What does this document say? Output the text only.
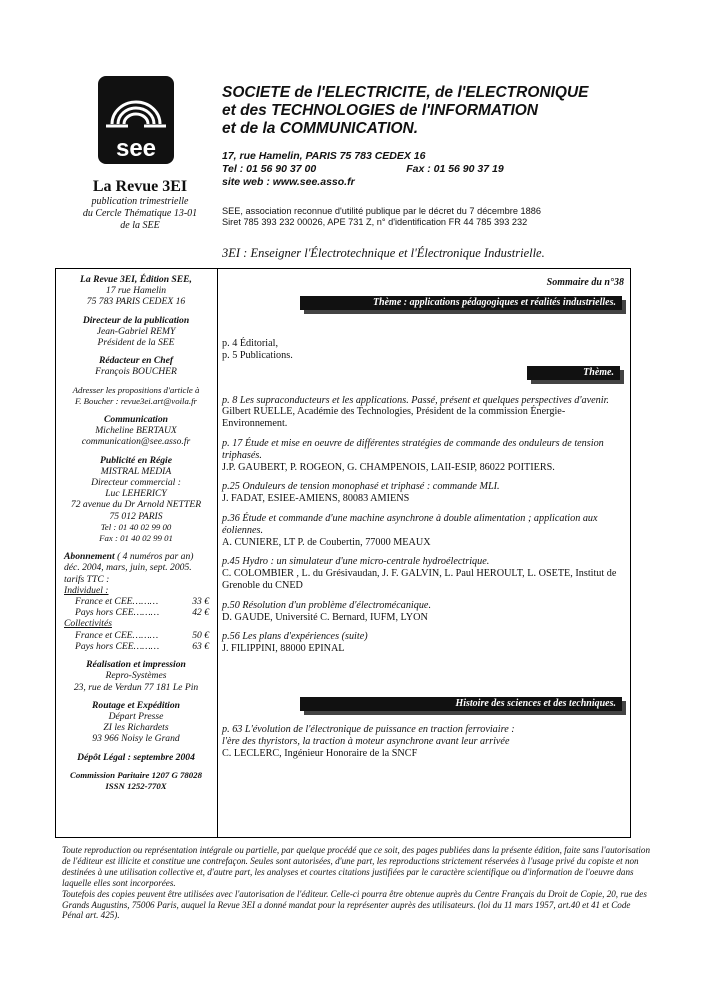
see
SOCIETE de l'ELECTRICITE, de l'ELECTRONIQUE
et des TECHNOLOGIES de l'INFORMATION
et de la COMMUNICATION.
17, rue Hamelin, PARIS 75 783 CEDEX 16
Tel : 01 56 90 37 00	Fax : 01 56 90 37 19
site web : www.see.asso.fr
SEE, association reconnue d'utilité publique par le décret du 7 décembre 1886
Siret 785 393 232 00026, APE 731 Z, n° d'identification FR 44 785 393 232
3EI : Enseigner l'Électrotechnique et l'Électronique Industrielle.
La Revue 3EI
publication trimestrielle
du Cercle Thématique 13-01
de la SEE
La Revue 3EI, Édition SEE,
17 rue Hamelin
75 783 PARIS CEDEX 16
Directeur de la publication
Jean-Gabriel REMY
Président de la SEE
Rédacteur en Chef
François BOUCHER
Adresser les propositions d'article à
F. Boucher : revue3ei.art@voila.fr
Communication
Micheline BERTAUX
communication@see.asso.fr
Publicité en Régie
MISTRAL MEDIA
Directeur commercial :
Luc LEHERICY
72 avenue du Dr Arnold NETTER
75 012 PARIS
Tel : 01 40 02 99 00
Fax : 01 40 02 99 01
Abonnement ( 4 numéros par an)
déc. 2004, mars, juin, sept. 2005.
tarifs TTC :
Individuel :
France et CEE………	33 €
Pays hors CEE………	42 €
Collectivités
France et CEE………	50 €
Pays hors CEE………	63 €
Réalisation et impression
Repro-Systèmes
23, rue de Verdun 77 181 Le Pin
Routage et Expédition
Départ Presse
ZI les Richardets
93 966 Noisy le Grand
Dépôt Légal : septembre 2004
Commission Paritaire 1207 G 78028
ISSN 1252-770X
Sommaire du n°38
Thème : applications pédagogiques et réalités industrielles.
p. 4 Éditorial,
p. 5 Publications.
p. 8 Les supraconducteurs et les applications. Passé, présent et quelques perspectives d'avenir.
Gilbert RUELLE, Académie des Technologies, Président de la commission Énergie-Environnement.
p. 17 Étude et mise en oeuvre de différentes stratégies de commande des onduleurs de tension triphasés.
J.P. GAUBERT, P. ROGEON, G. CHAMPENOIS, LAII-ESIP, 86022 POITIERS.
p.25 Onduleurs de tension monophasé et triphasé : commande MLI.
J. FADAT, ESIEE-AMIENS, 80083 AMIENS
p.36 Étude et commande d'une machine asynchrone à double alimentation ; application aux éoliennes.
A. CUNIERE, LT P. de Coubertin, 77000 MEAUX
p.45 Hydro : un simulateur d'une micro-centrale hydroélectrique.
C. COLOMBIER , L. du Grésivaudan, J. F. GALVIN, L. Paul HEROULT, L. OSETE, Institut de Grenoble du CNED
p.50 Résolution d'un problème d'électromécanique.
D. GAUDE, Université C. Bernard, IUFM, LYON
p.56 Les plans d'expériences (suite)
J. FILIPPINI, 88000 EPINAL
Thème.
Histoire des sciences et des techniques.
p. 63 L'évolution de l'électronique de puissance en traction ferroviaire :
l'ère des thyristors, la traction à moteur asynchrone avant leur arrivée
C. LECLERC, Ingénieur Honoraire de la SNCF
Toute reproduction ou représentation intégrale ou partielle, par quelque procédé que ce soit, des pages publiées dans la présente édition, faite sans l'autorisation de l'éditeur est illicite et constitue une contrefaçon. Seules sont autorisées, d'une part, les reproductions strictement réservées à l'usage privé du copiste et non destinées à une utilisation collective et, d'autre part, les analyses et courtes citations justifiées par le caractère scientifique ou d'information de l'oeuvre dans laquelle elles sont incorporées.
Toutefois des copies peuvent être utilisées avec l'autorisation de l'éditeur. Celle-ci pourra être obtenue auprès du Centre Français du Droit de Copie, 20, rue des Grands Augustins, 75006 Paris, auquel la Revue 3EI a donné mandat pour la représenter auprès des utilisateurs. (loi du 11 mars 1957, art.40 et 41 et Code Pénal art. 425).
